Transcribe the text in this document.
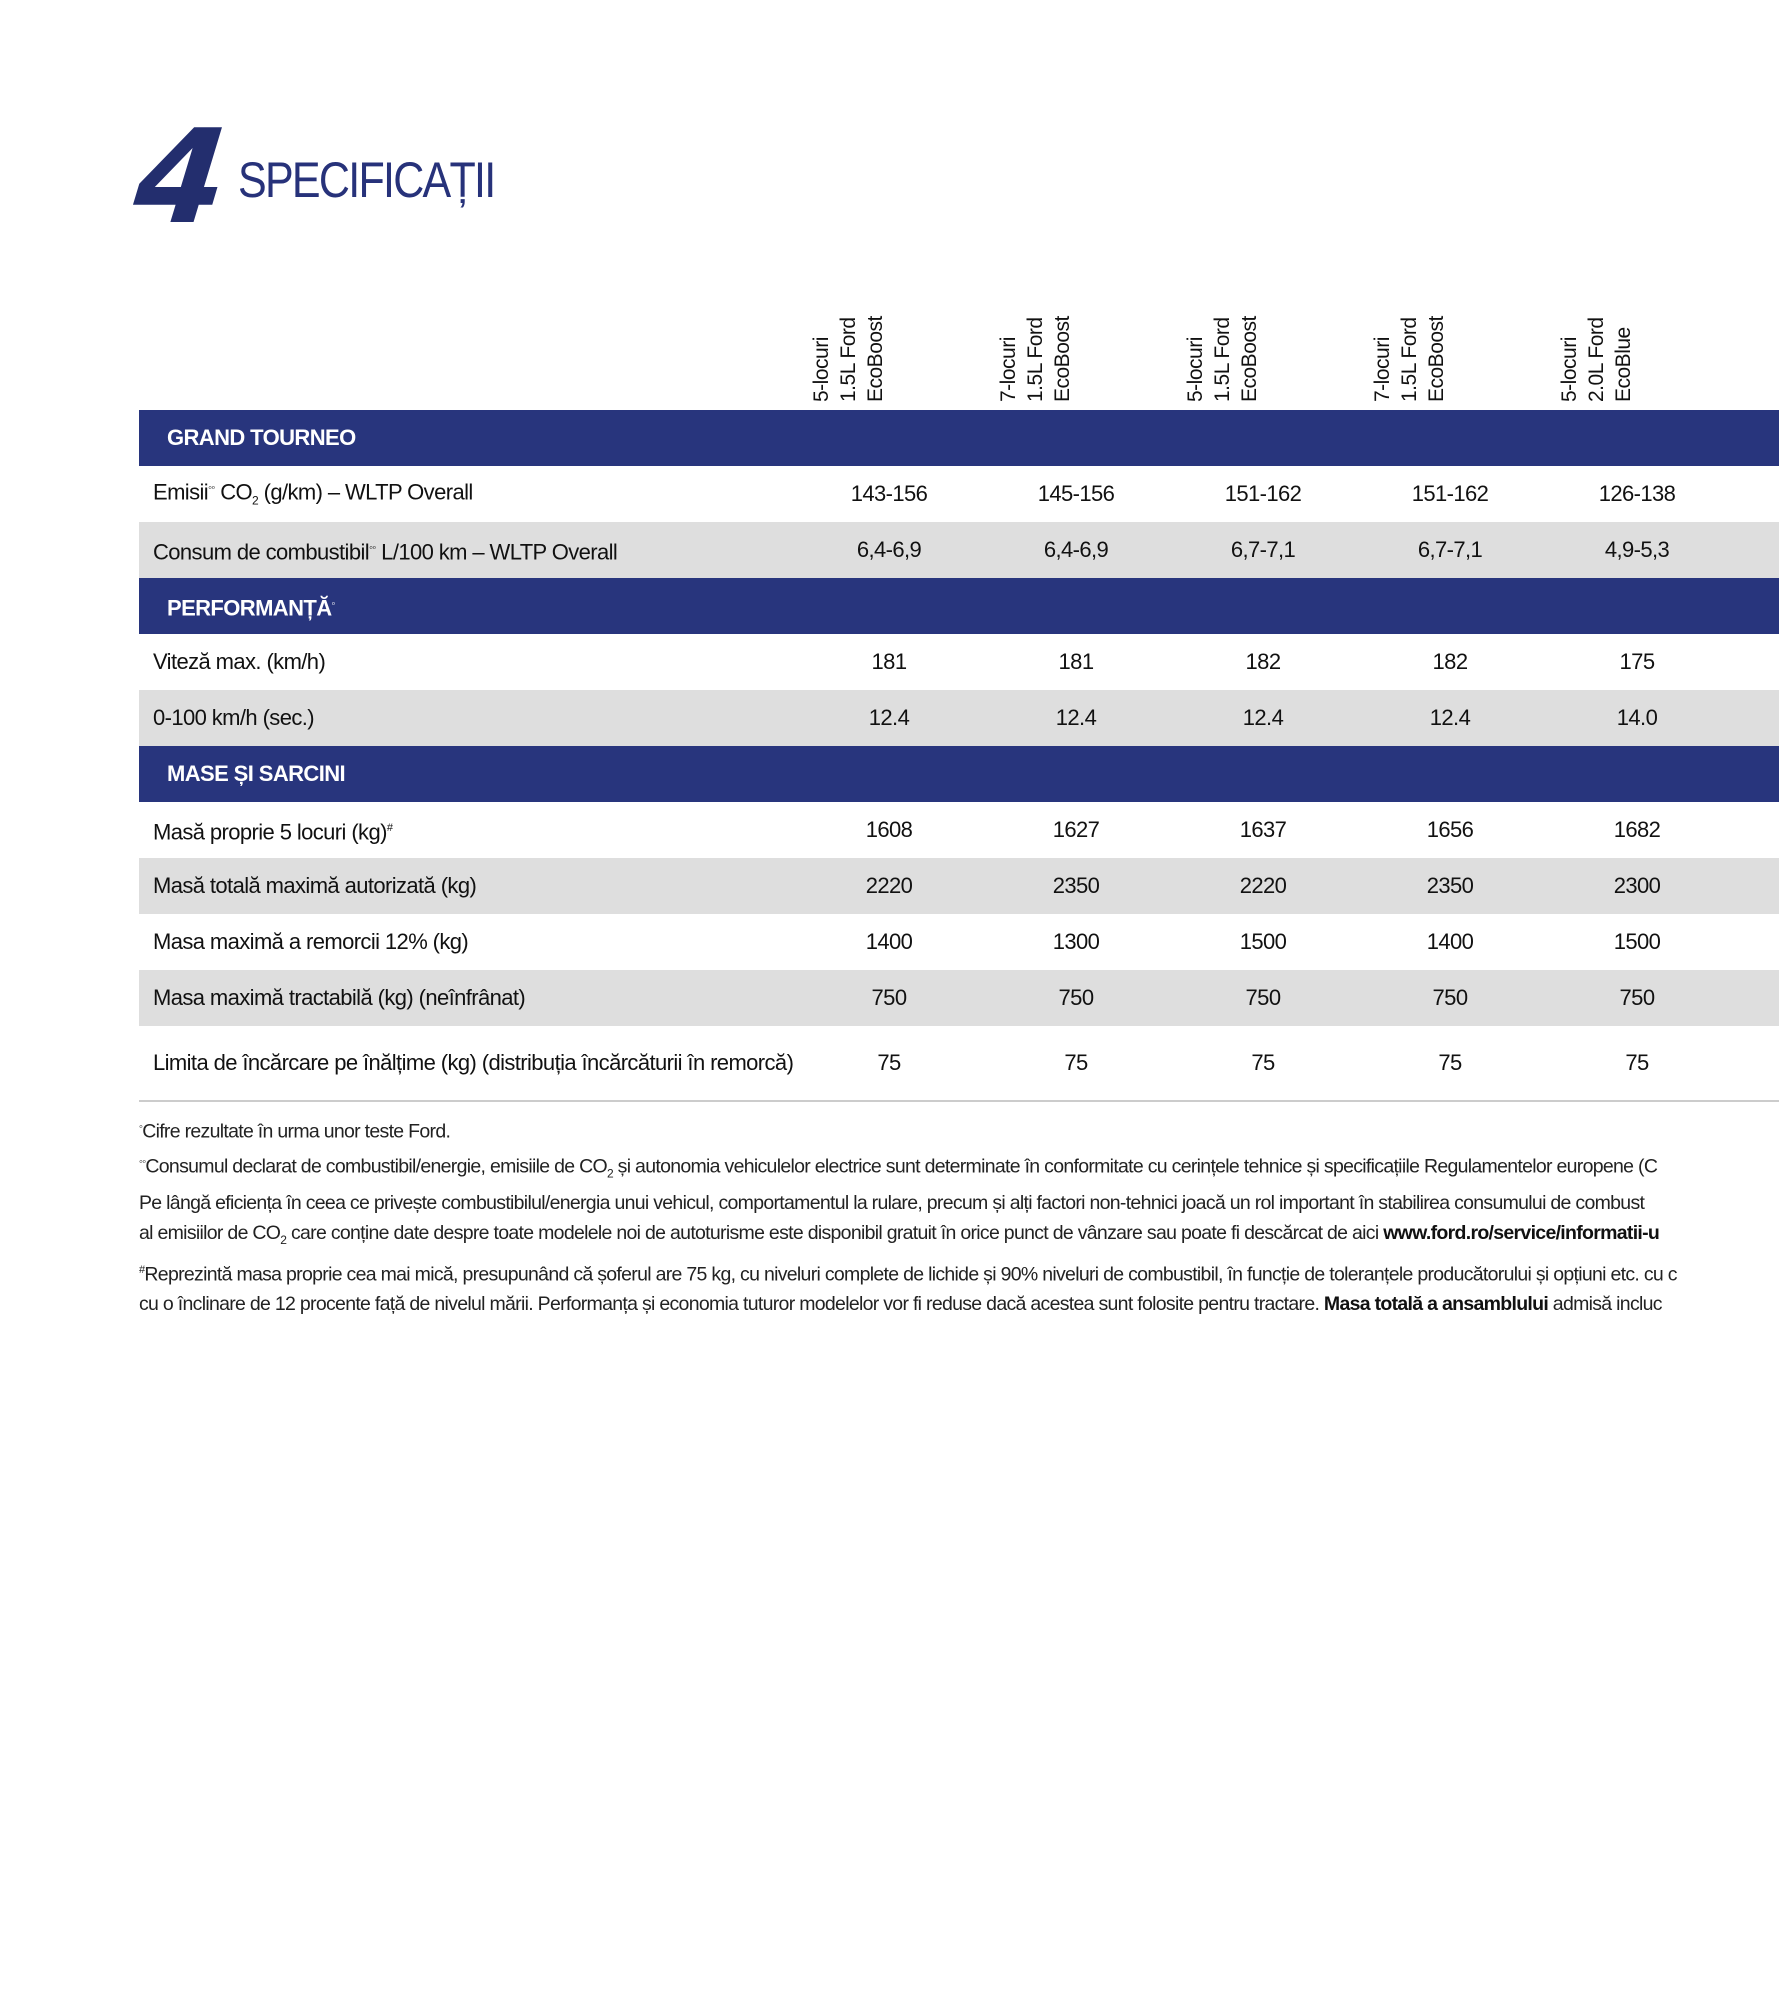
4 SPECIFICAȚII
5-locuri 1.5L Ford EcoBoost	7-locuri 1.5L Ford EcoBoost	5-locuri 1.5L Ford EcoBoost	7-locuri 1.5L Ford EcoBoost	5-locuri 2.0L Ford EcoBlue
GRAND TOURNEO
Emisii◦◦ $CO_2$ (g/km) – WLTP Overall	143-156	145-156	151-162	151-162	126-138
Consum de combustibil◦◦ L/100 km – WLTP Overall	6,4-6,9	6,4-6,9	6,7-7,1	6,7-7,1	4,9-5,3
PERFORMANȚĂ◦
Viteză max. (km/h)	181	181	182	182	175
0-100 km/h (sec.)	12.4	12.4	12.4	12.4	14.0
MASE ȘI SARCINI
Masă proprie 5 locuri (kg)#	1608	1627	1637	1656	1682
Masă totală maximă autorizată (kg)	2220	2350	2220	2350	2300
Masa maximă a remorcii 12% (kg)	1400	1300	1500	1400	1500
Masa maximă tractabilă (kg) (neînfrânat)	750	750	750	750	750
Limita de încărcare pe înălțime (kg) (distribuția încărcăturii în remorcă)	75	75	75	75	75

◦Cifre rezultate în urma unor teste Ford.

◦◦Consumul declarat de combustibil/energie, emisiile de $CO_2$ și autonomia vehiculelor electrice sunt determinate în conformitate cu cerințele tehnice și specificațiile Regulamentelor europene (C

Pe lângă eficiența în ceea ce privește combustibilul/energia unui vehicul, comportamentul la rulare, precum și alți factori non-tehnici joacă un rol important în stabilirea consumului de combust

al emisiilor de $CO_2$ care conține date despre toate modelele noi de autoturisme este disponibil gratuit în orice punct de vânzare sau poate fi descărcat de aici www.ford.ro/service/informatii-u

#Reprezintă masa proprie cea mai mică, presupunând că șoferul are 75 kg, cu niveluri complete de lichide și 90% niveluri de combustibil, în funcție de toleranțele producătorului și opțiuni etc. cu c

cu o înclinare de 12 procente față de nivelul mării. Performanța și economia tuturor modelelor vor fi reduse dacă acestea sunt folosite pentru tractare. Masa totală a ansamblului admisă incluc
